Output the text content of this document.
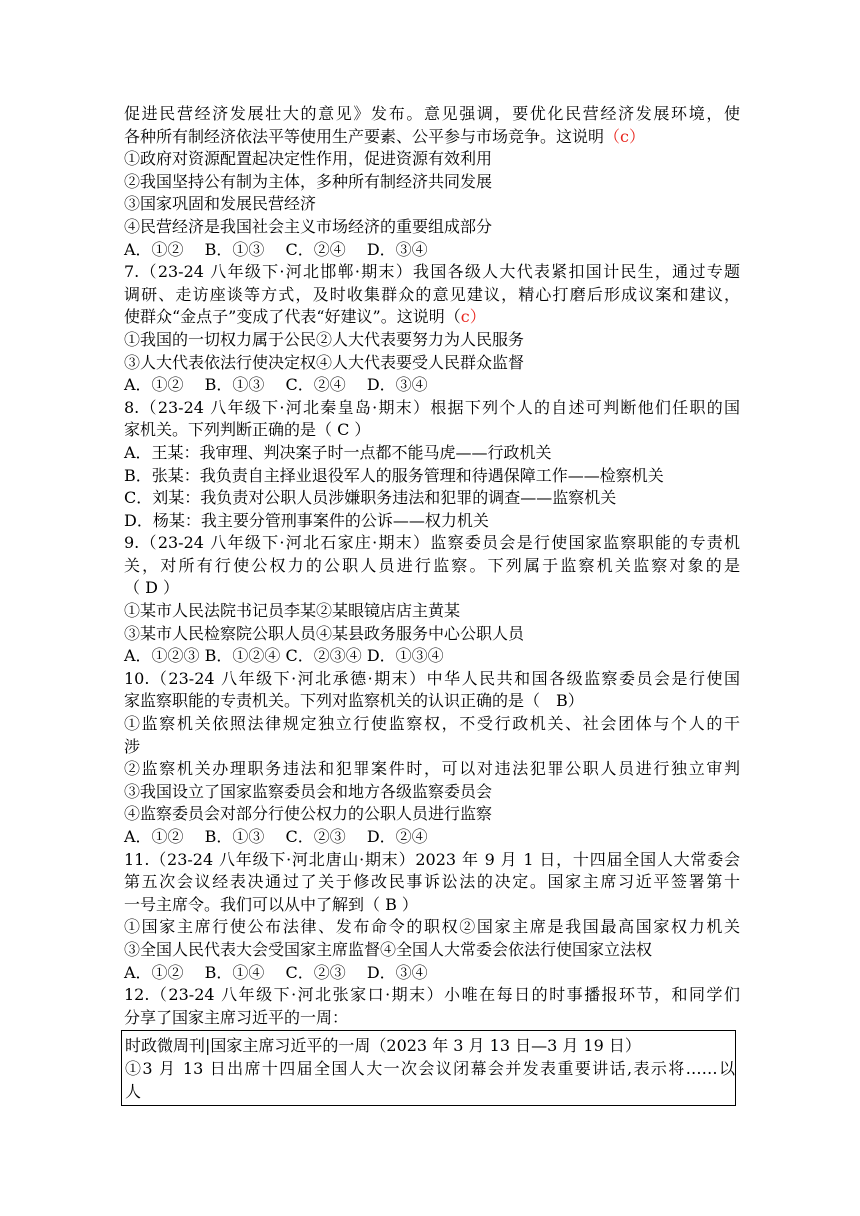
促进民营经济发展壮大的意见》发布。意见强调，要优化民营经济发展环境，使
各种所有制经济依法平等使用生产要素、公平参与市场竞争。这说明（c）
①政府对资源配置起决定性作用，促进资源有效利用
②我国坚持公有制为主体，多种所有制经济共同发展
③国家巩固和发展民营经济
④民营经济是我国社会主义市场经济的重要组成部分
A．①②　 B．①③　 C．②④　 D．③④
7.（23-24 八年级下·河北邯郸·期末）我国各级人大代表紧扣国计民生，通过专题
调研、走访座谈等方式，及时收集群众的意见建议，精心打磨后形成议案和建议，
使群众“金点子”变成了代表“好建议”。这说明（c）
①我国的一切权力属于公民②人大代表要努力为人民服务
③人大代表依法行使决定权④人大代表要受人民群众监督
A．①②　 B．①③　 C．②④　 D．③④
8.（23-24 八年级下·河北秦皇岛·期末）根据下列个人的自述可判断他们任职的国
家机关。下列判断正确的是（ C ）
A．王某：我审理、判决案子时一点都不能马虎——行政机关
B．张某：我负责自主择业退役军人的服务管理和待遇保障工作——检察机关
C．刘某：我负责对公职人员涉嫌职务违法和犯罪的调查——监察机关
D．杨某：我主要分管刑事案件的公诉——权力机关
9.（23-24 八年级下·河北石家庄·期末）监察委员会是行使国家监察职能的专责机
关，对所有行使公权力的公职人员进行监察。下列属于监察机关监察对象的是
（ D ）
①某市人民法院书记员李某②某眼镜店店主黄某
③某市人民检察院公职人员④某县政务服务中心公职人员
A．①②③ B．①②④ C．②③④ D．①③④
10.（23-24 八年级下·河北承德·期末）中华人民共和国各级监察委员会是行使国
家监察职能的专责机关。下列对监察机关的认识正确的是（　B）
①监察机关依照法律规定独立行使监察权，不受行政机关、社会团体与个人的干
涉
②监察机关办理职务违法和犯罪案件时，可以对违法犯罪公职人员进行独立审判
③我国设立了国家监察委员会和地方各级监察委员会
④监察委员会对部分行使公权力的公职人员进行监察
A．①②　 B．①③　 C．②③　 D．②④
11.（23-24 八年级下·河北唐山·期末）2023 年 9 月 1 日，十四届全国人大常委会
第五次会议经表决通过了关于修改民事诉讼法的决定。国家主席习近平签署第十
一号主席令。我们可以从中了解到（ B ）
①国家主席行使公布法律、发布命令的职权②国家主席是我国最高国家权力机关
③全国人民代表大会受国家主席监督④全国人大常委会依法行使国家立法权
A．①②　 B．①④　 C．②③　 D．③④
12.（23-24 八年级下·河北张家口·期末）小唯在每日的时事播报环节，和同学们
分享了国家主席习近平的一周：
时政微周刊|国家主席习近平的一周（2023 年 3 月 13 日—3 月 19 日）
①3 月 13 日出席十四届全国人大一次会议闭幕会并发表重要讲话,表示将……以
人
